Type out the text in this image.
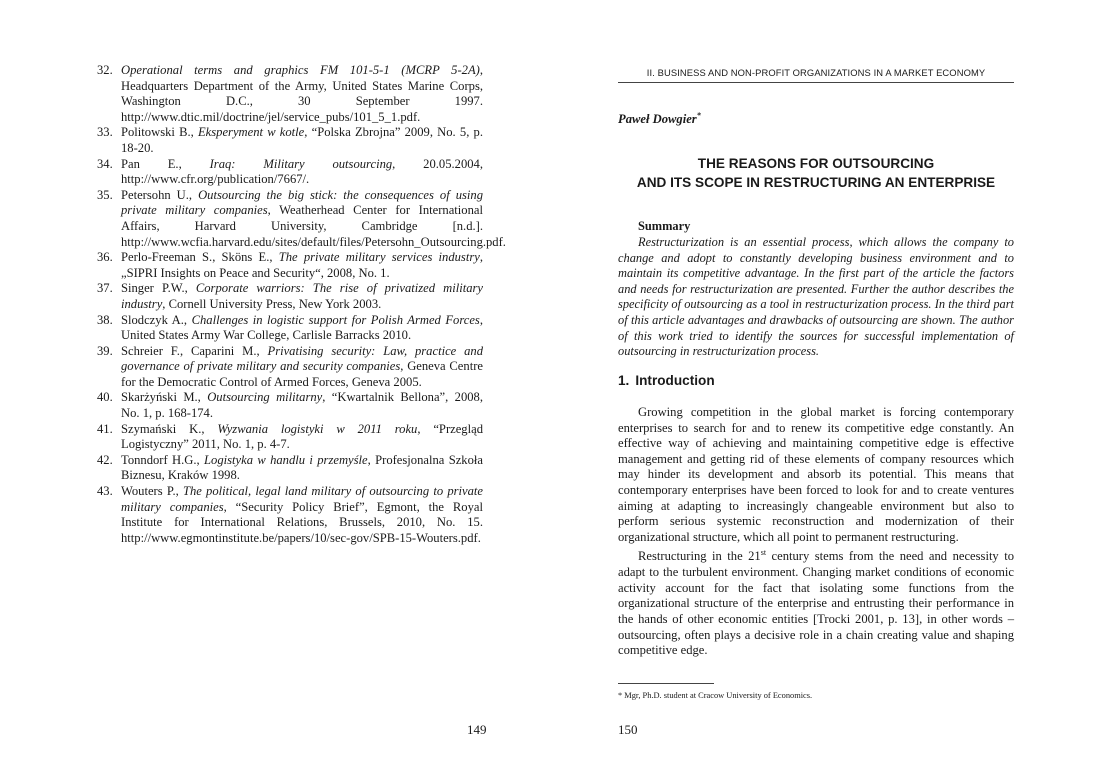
32. Operational terms and graphics FM 101-5-1 (MCRP 5-2A), Headquarters Department of the Army, United States Marine Corps, Washington D.C., 30 September 1997. http://www.dtic.mil/doctrine/jel/service_pubs/101_5_1.pdf.
33. Politowski B., Eksperyment w kotle, “Polska Zbrojna” 2009, No. 5, p. 18-20.
34. Pan E., Iraq: Military outsourcing, 20.05.2004, http://www.cfr.org/publication/7667/.
35. Petersohn U., Outsourcing the big stick: the consequences of using private military companies, Weatherhead Center for International Affairs, Harvard University, Cambridge [n.d.]. http://www.wcfia.harvard.edu/sites/default/files/Petersohn_Outsourcing.pdf.
36. Perlo-Freeman S., Sköns E., The private military services industry, „SIPRI Insights on Peace and Security“, 2008, No. 1.
37. Singer P.W., Corporate warriors: The rise of privatized military industry, Cornell University Press, New York 2003.
38. Slodczyk A., Challenges in logistic support for Polish Armed Forces, United States Army War College, Carlisle Barracks 2010.
39. Schreier F., Caparini M., Privatising security: Law, practice and governance of private military and security companies, Geneva Centre for the Democratic Control of Armed Forces, Geneva 2005.
40. Skarżyński M., Outsourcing militarny, “Kwartalnik Bellona”, 2008, No. 1, p. 168-174.
41. Szymański K., Wyzwania logistyki w 2011 roku, “Przegląd Logistyczny” 2011, No. 1, p. 4-7.
42. Tonndorf H.G., Logistyka w handlu i przemyśle, Profesjonalna Szkoła Biznesu, Kraków 1998.
43. Wouters P., The political, legal land military of outsourcing to private military companies, “Security Policy Brief”, Egmont, the Royal Institute for International Relations, Brussels, 2010, No. 15. http://www.egmontinstitute.be/papers/10/sec-gov/SPB-15-Wouters.pdf.
149
II. BUSINESS AND NON-PROFIT ORGANIZATIONS IN A MARKET ECONOMY
Paweł Dowgier*
THE REASONS FOR OUTSOURCING
AND ITS SCOPE IN RESTRUCTURING AN ENTERPRISE
Summary

Restructurization is an essential process, which allows the company to change and adopt to constantly developing business environment and to maintain its competitive advantage. In the first part of the article the factors and needs for restructurization are presented. Further the author describes the specificity of outsourcing as a tool in restructurization process. In the third part of this article advantages and drawbacks of outsourcing are shown. The author of this work tried to identify the sources for successful implementation of outsourcing in restructurization process.

1. Introduction

Growing competition in the global market is forcing contemporary enterprises to search for and to renew its competitive edge constantly. An effective way of achieving and maintaining competitive edge is effective management and getting rid of these elements of company resources which may hinder its development and absorb its potential. This means that contemporary enterprises have been forced to look for and to create ventures aiming at adapting to increasingly changeable environment but also to perform serious systemic reconstruction and modernization of their organizational structure, which all point to permanent restructuring.

Restructuring in the 21st century stems from the need and necessity to adapt to the turbulent environment. Changing market conditions of economic activity account for the fact that isolating some functions from the organizational structure of the enterprise and entrusting their performance in the hands of other economic entities [Trocki 2001, p. 13], in other words – outsourcing, often plays a decisive role in a chain creating value and shaping competitive edge.

* Mgr, Ph.D. student at Cracow University of Economics.
150
